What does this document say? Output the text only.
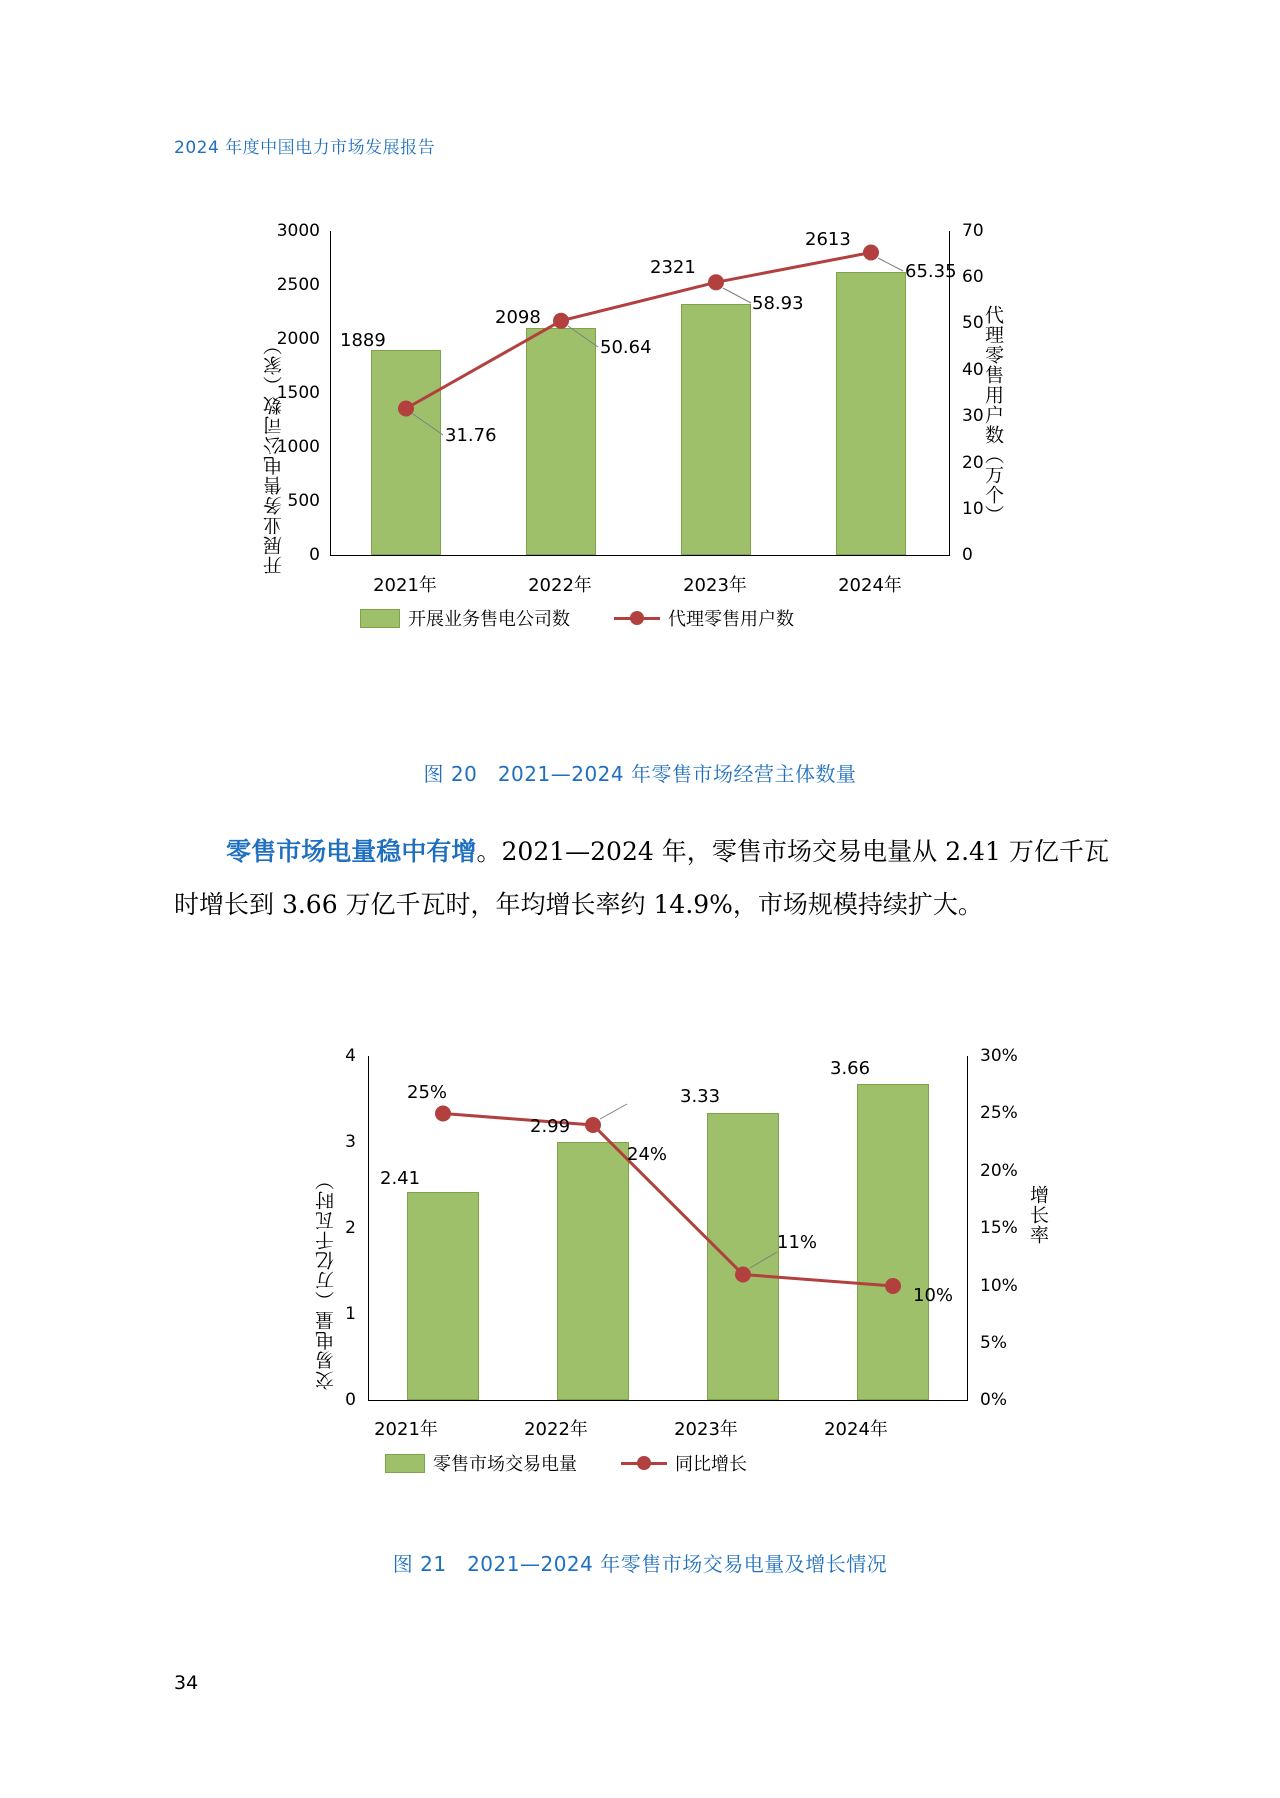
2024 年度中国电力市场发展报告
开展业务售电公司数（家）	代理零售用户数（万个）
3000
2500
2000
1500
1000
500
0
70
60
50
40
30
20
10
0
1889
2098
2321
2613
31.76
50.64
58.93
65.35
2021年	2022年	2023年	2024年
开展业务售电公司数	代理零售用户数
图 20　2021—2024 年零售市场经营主体数量
零售市场电量稳中有增。2021—2024 年，零售市场交易电量从 2.41 万亿千瓦时增长到 3.66 万亿千瓦时，年均增长率约 14.9%，市场规模持续扩大。
交易电量（万亿千瓦时）	增长率
4
3
2
1
0
30%
25%
20%
15%
10%
5%
0%
2.41
2.99
3.33
3.66
25%
24%
11%
10%
2021年	2022年	2023年	2024年
零售市场交易电量	同比增长
图 21　2021—2024 年零售市场交易电量及增长情况
34
